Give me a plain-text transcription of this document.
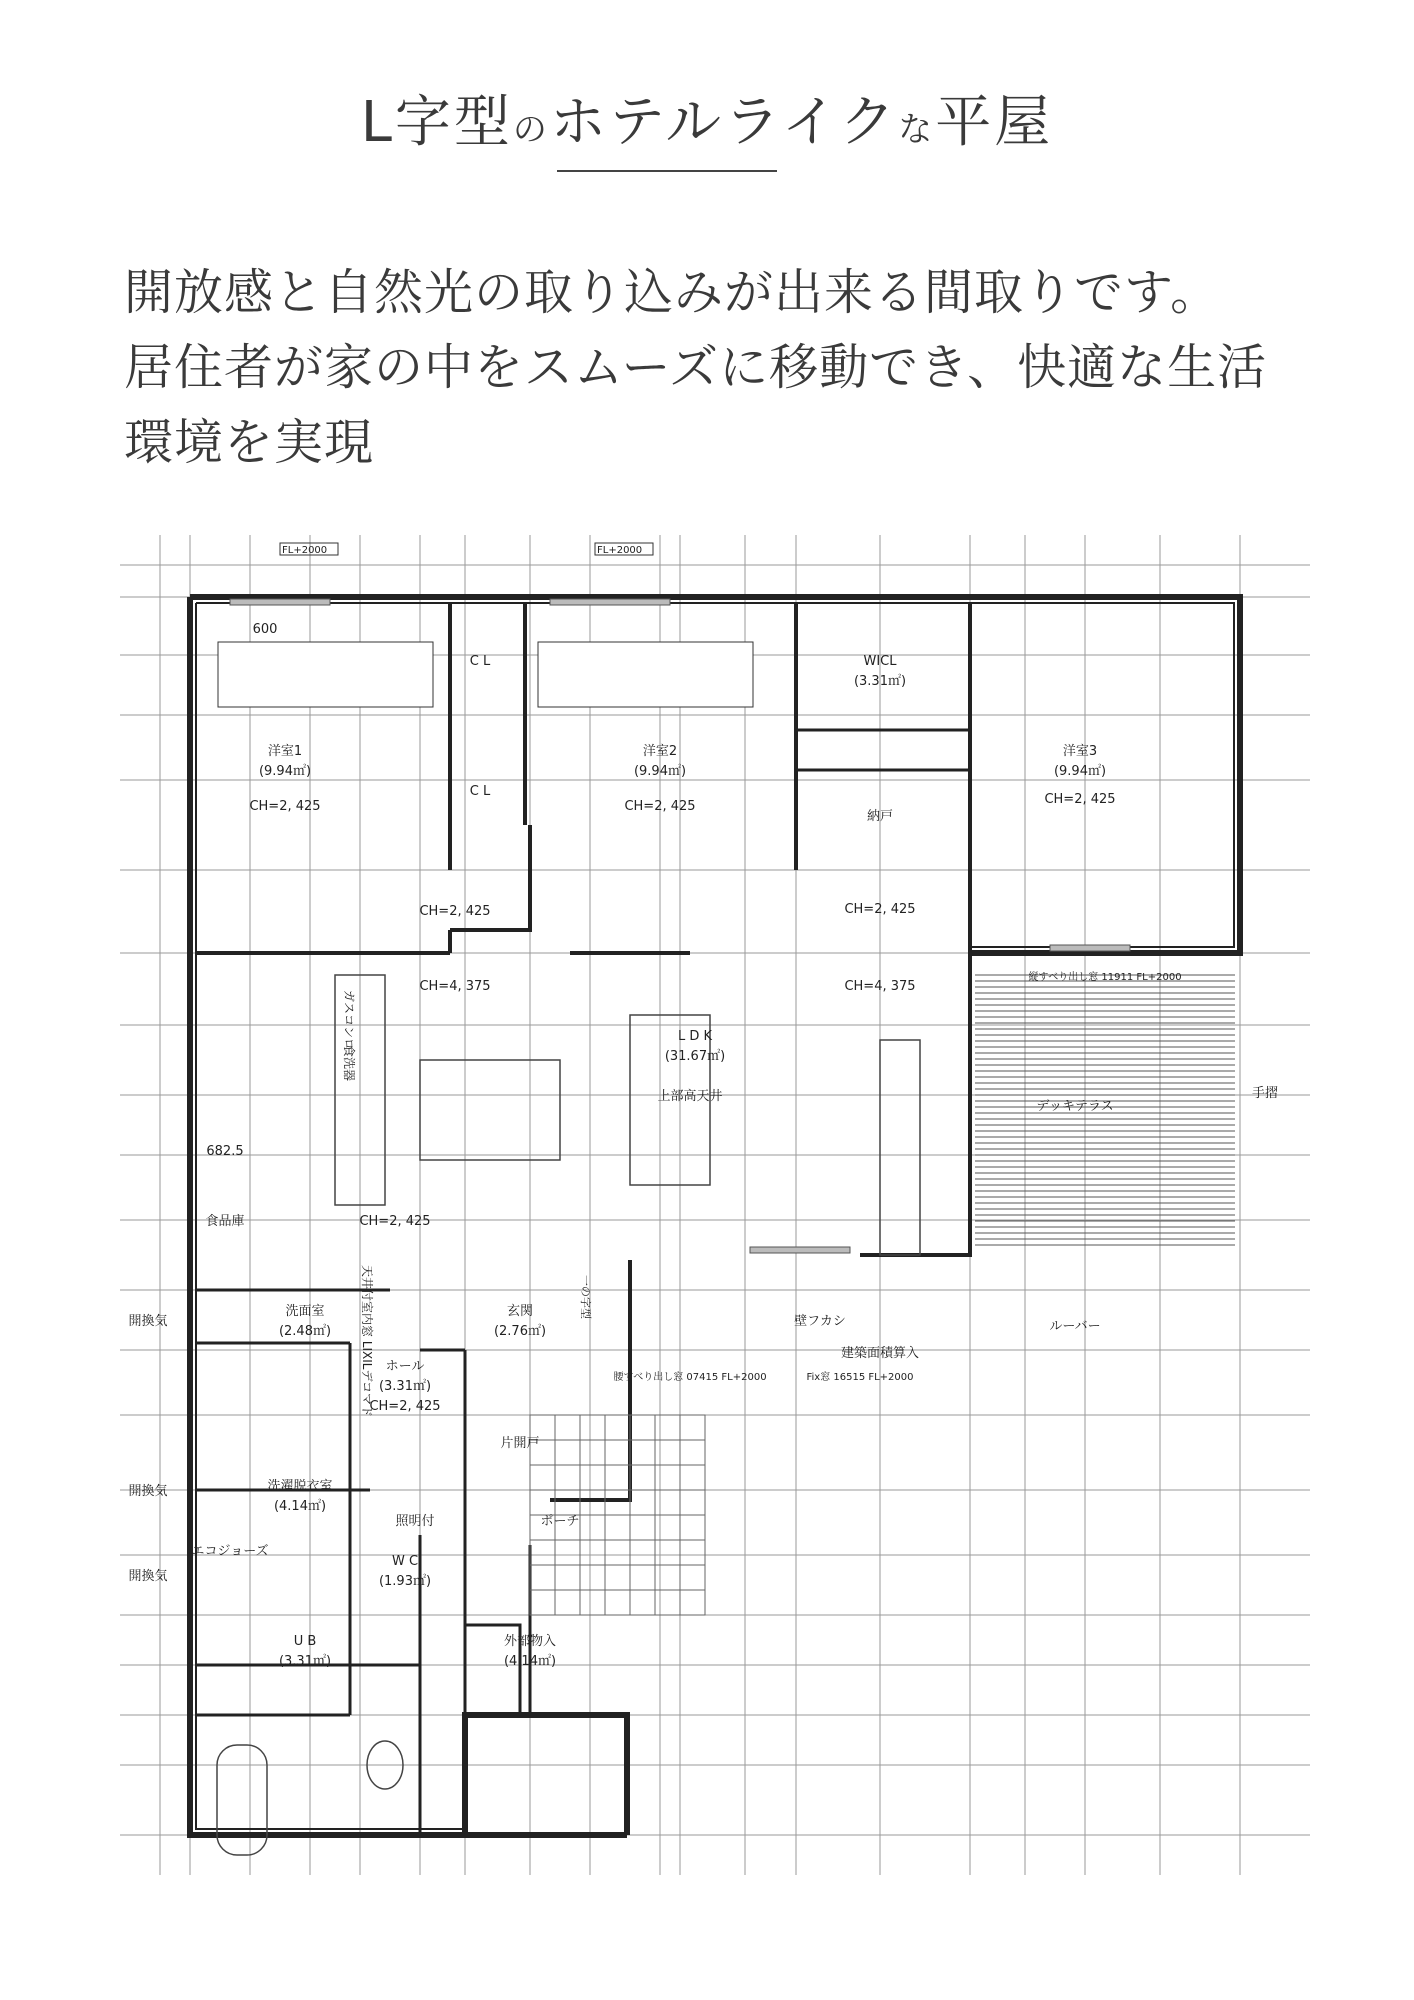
L字型のホテルライクな平屋
開放感と自然光の取り込みが出来る間取りです。
居住者が家の中をスムーズに移動でき、快適な生活
環境を実現
FL+2000	FL+2000
600
洋室1
(9.94㎡)
CH=2, 425
C L
C L
洋室2
(9.94㎡)
CH=2, 425
WICL
(3.31㎡)
納戸
洋室3
(9.94㎡)
CH=2, 425
CH=2, 425	CH=2, 425
CH=4, 375	CH=4, 375
L D K
(31.67㎡)
上部高天井
CH=2, 425
食品庫
682.5
デッキテラス
洗面室
(2.48㎡)
玄関
(2.76㎡)
ホール
(3.31㎡)
CH=2, 425
洗濯脱衣室
(4.14㎡)
エコジョーズ
片開戸
ポーチ
照明付
W C
(1.93㎡)
U B
(3.31㎡)
外部物入
(4.14㎡)
壁フカシ	ルーバー
建築面積算入
手摺
開換気
開換気
開換気
ガスコンロ
食洗器
天井付室内窓 LIXILデコマド	一の字型
腰すべり出し窓 07415 FL+2000	Fix窓 16515 FL+2000
縦すべり出し窓 11911 FL+2000
